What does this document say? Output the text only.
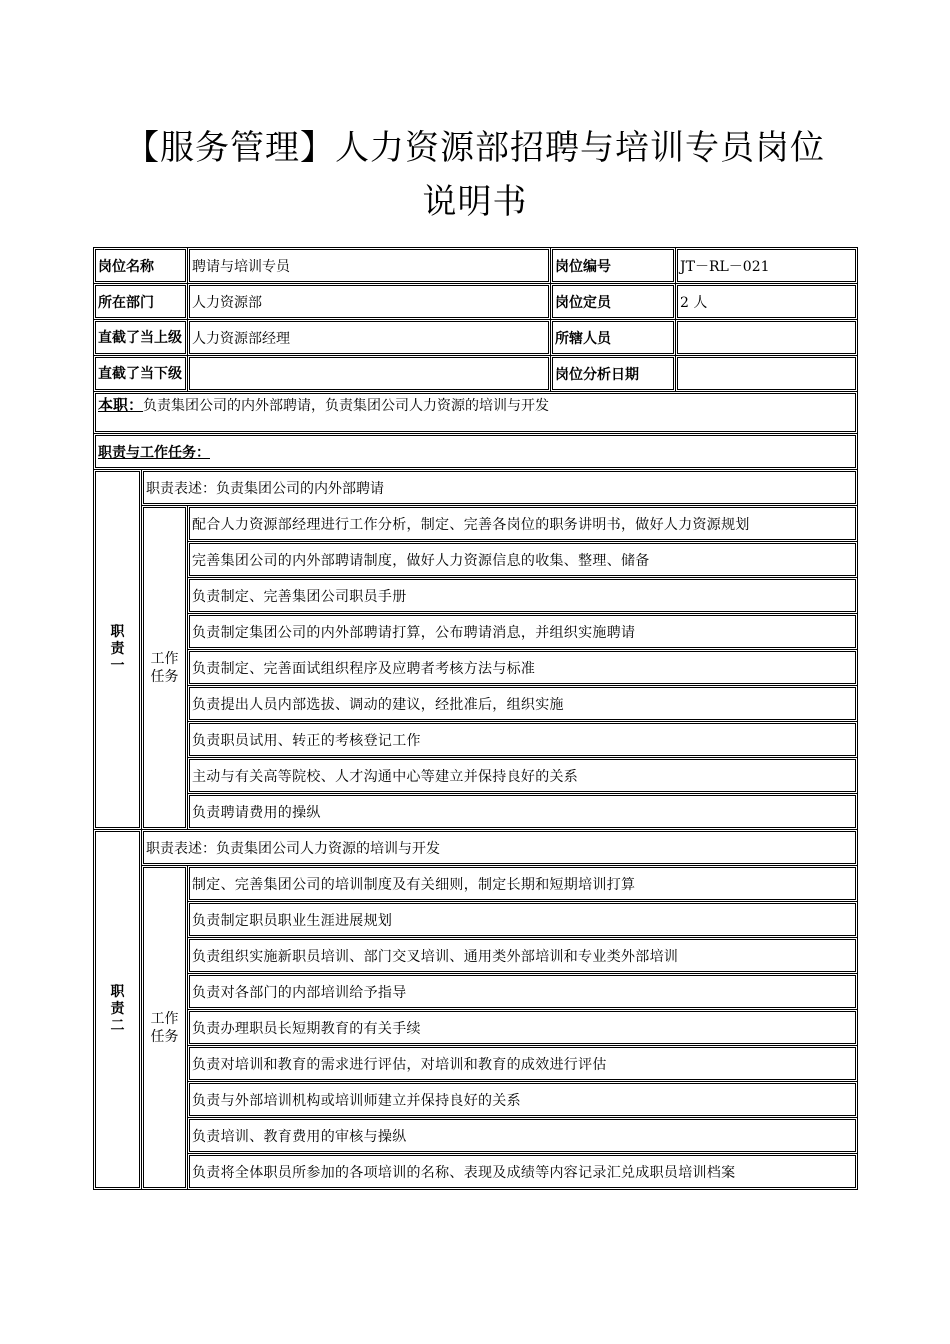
【服务管理】人力资源部招聘与培训专员岗位
说明书
岗位名称		聘请与培训专员	岗位编号	JT－RL－021
所在部门		人力资源部	岗位定员	2 人
直截了当上级		人力资源部经理	所辖人员	
直截了当下级			岗位分析日期	
本职：负责集团公司的内外部聘请，负责集团公司人力资源的培训与开发				
职责与工作任务：				
职责一	职责表述：负责集团公司的内外部聘请			
	工作任务	配合人力资源部经理进行工作分析，制定、完善各岗位的职务讲明书，做好人力资源规划		
		完善集团公司的内外部聘请制度，做好人力资源信息的收集、整理、储备		
		负责制定、完善集团公司职员手册		
		负责制定集团公司的内外部聘请打算，公布聘请消息，并组织实施聘请		
		负责制定、完善面试组织程序及应聘者考核方法与标准		
		负责提出人员内部选拔、调动的建议，经批准后，组织实施		
		负责职员试用、转正的考核登记工作		
		主动与有关高等院校、人才沟通中心等建立并保持良好的关系		
		负责聘请费用的操纵		
职责二	职责表述：负责集团公司人力资源的培训与开发			
	工作任务	制定、完善集团公司的培训制度及有关细则，制定长期和短期培训打算		
		负责制定职员职业生涯进展规划		
		负责组织实施新职员培训、部门交叉培训、通用类外部培训和专业类外部培训		
		负责对各部门的内部培训给予指导		
		负责办理职员长短期教育的有关手续		
		负责对培训和教育的需求进行评估，对培训和教育的成效进行评估		
		负责与外部培训机构或培训师建立并保持良好的关系		
		负责培训、教育费用的审核与操纵		
		负责将全体职员所参加的各项培训的名称、表现及成绩等内容记录汇兑成职员培训档案		
